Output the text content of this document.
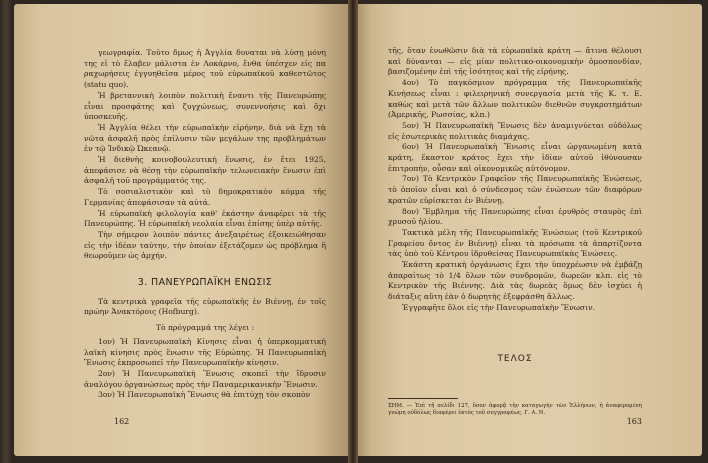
γεωγραφία. Τοῦτο δμως ἡ Ἀγγλία δυναται νὰ λύσῃ μόνη της εἰ τὸ ἔλαβεν μάλιστα ἐν Λοκάρνο, ἔνθα ὑπέσχεν εἰς πα ραχωρήσεις ἐγγυηθεῖσα μέρος τοῦ εὐρωπαϊκοῦ καθεστῶτος (statu quo).

Ἡ βρεταννικὴ λοιπὸν πολιτικὴ ἔναντι τῆς Πανευρώπης εἶναι προσφάτης καὶ ζυγχώνεως, συνεννοήσις καὶ ὄχι ὑποσκευῆς.

Ἡ Ἀγγλία θέλει τὴν εὐρωπαϊκὴν εἰρήνην, διὰ νὰ ἔχῃ τὰ νῶτα ἀσφαλῆ πρὸς ἐπίλυσιν τῶν μεγάλων της προβλημάτων ἐν τῷ Ἰνδικῷ Ὠκεανῷ.

Ἡ διεθνὴς κοινοβουλευτικὴ ἕνωσις, ἐν ἔτει 1925, ἀπεφάσισε νὰ θέσῃ τὴν εὐρωπαϊκὴν τελωνειακὴν ἕνωσιν ἐπὶ ἀσφαλῆ τοῦ προγράμματός της.

Τὸ σοσιαλιστικὸν καὶ τὸ δημοκρατικὸν κόμμα τῆς Γερμανίας ἀπεφάσισαν τὰ αὐτά.

Ἡ εὐρωπαϊκὴ φιλολογία καθ' ἑκάστην ἀναφέρει τὰ τῆς Πανευρώπης. Ἡ εὐρωπαϊκὴ νεολαία εἶναι ἐπίσης ὑπὲρ αὐτῆς.

Τὴν σήμερον λοιπὸν πάντες ἀνεξαιρέτως ἐξοικειώθησαν εἰς τὴν ἰδέαν ταύτην, τὴν ὁποίαν ἐξετάζομεν ὡς πρόβλημα ἢ θεωροῦμεν ὡς ἀρχήν.

3. ΠΑΝΕΥΡΩΠΑΪΚΗ ΕΝΩΣΙΣ

Τὰ κεντρικὰ γραφεῖα τῆς εὐρωπαϊκῆς ἐν Βιέννῃ, ἐν τοῖς πρώην Ἀνακτόροις (Hofburg).

Τὸ πρόγραμμά της λέγει :

1ον) Ἡ Πανευρωπαϊκὴ Κίνησις εἶναι ἡ ὑπερκομματικὴ λαϊκὴ κίνησις πρὸς ἕνωσιν τῆς Εὐρώπης. Ἡ Πανευρωπαϊκὴ Ἕνωσις ἐκπροσωπεῖ τὴν Πανευρωπαϊκὴν κίνησιν.

2ον) Ἡ Πανευρωπαϊκὴ Ἕνωσις σκοπεῖ τὴν ἵδρυσιν ἀναλόγου ὀργανώσεως πρὸς τὴν Παναμερικανικὴν Ἕνωσιν.

3ον) Ἡ Πανευρωπαϊκὴ Ἕνωσις θὰ ἐπιτύχῃ τὸν σκοπὸν

162

τῆς, ὅταν ἑνωθῶσιν διὰ τὰ εὐρωπαϊκὰ κράτη — ἅτινα θέλουσι καὶ δύνανται — εἰς μίαν πολιτικο-οικονομικὴν ὁμοσπονδίαν, βασιζομένην ἐπὶ τῆς ἰσότητος καὶ τῆς εἰρήνης.

4ον) Τὸ παγκόσμιον πρόγραμμα τῆς Πανευρωπαϊκῆς Κινήσεως εἶναι : φιλειρηνικὴ συνεργασία μετὰ τῆς Κ. τ. Ε. καθὼς καὶ μετὰ τῶν ἄλλων πολιτικῶν διεθνῶν συγκροτημάτων (Ἀμερικῆς, Ρωσσίας, κλπ.)

5ον) Ἡ Πανευρωπαϊκὴ Ἕνωσις δὲν ἀναμιγνύεται οὐδόλως εἰς ἐσωτερικὰς πολιτικὰς διαμάχας.

6ον) Ἡ Πανευρωπαϊκὴ Ἕνωσις εἶναι ὠργανωμένη κατὰ κράτη, ἕκαστον κράτος ἔχει τὴν ἰδίαν αὐτοῦ ἰθύνουσαν ἐπιτροπήν, οὖσαν καὶ οἰκονομικῶς αὐτόνομον.

7ον) Τὸ Κεντρικὸν Γραφεῖον τῆς Πανευρωπαϊκῆς Ἑνώσεως, τὸ ὁποῖον εἶναι καὶ ὁ σύνδεσμος τῶν ἑνώσεων τῶν διαφόρων κρατῶν εὑρίσκεται ἐν Βιέννῃ.

8ον) Ἔμβλημα τῆς Πανευρώπης εἶναι ἐρυθρὸς σταυρὸς ἐπὶ χρυσοῦ ἡλίου.

Τακτικὰ μέλη τῆς Πανευρωπαϊκῆς Ἑνώσεως (τοῦ Κεντρικοῦ Γραφείου ὄντος ἐν Βιέννῃ) εἶναι τὰ πρόσωπα τὰ ἀπαρτίζοντα τὰς ὑπὸ τοῦ Κέντρου ἱδρυθείσας Πανευρωπαϊκὰς Ἑνώσεις.

Ἑκάστη κρατικὴ ὀργάνωσις ἔχει τὴν ὑποχρέωσιν νὰ ἐμβάζῃ ἀπαραίτως τὸ 1/4 ὅλων τῶν συνδρομῶν, δωρεῶν κλπ. εἰς τὸ Κεντρικὸν τῆς Βιέννης. Διὰ τὰς δωρεὰς ὅμως δὲν ἰσχύει ἡ διάταξις αὕτη ἐὰν ὁ δωρητὴς ἐξεφράσθη ἄλλως.

Ἐγγραφῆτε ὅλοι εἰς τὴν Πανευρωπαϊκὴν Ἕνωσιν.

ΤΕΛΟΣ
ΣΗΜ. — Ἐπὶ τῆ σελίδι 127, ὅσον ἀφορᾷ τὴν καταγωγὴν τῶν Ἑλλήνων, ἡ ἀναφερομένη γνώμη οὐδόλως διαφέρει ἐκτὸς τοῦ συγγραφέως. Γ. Α. Ν.
163
